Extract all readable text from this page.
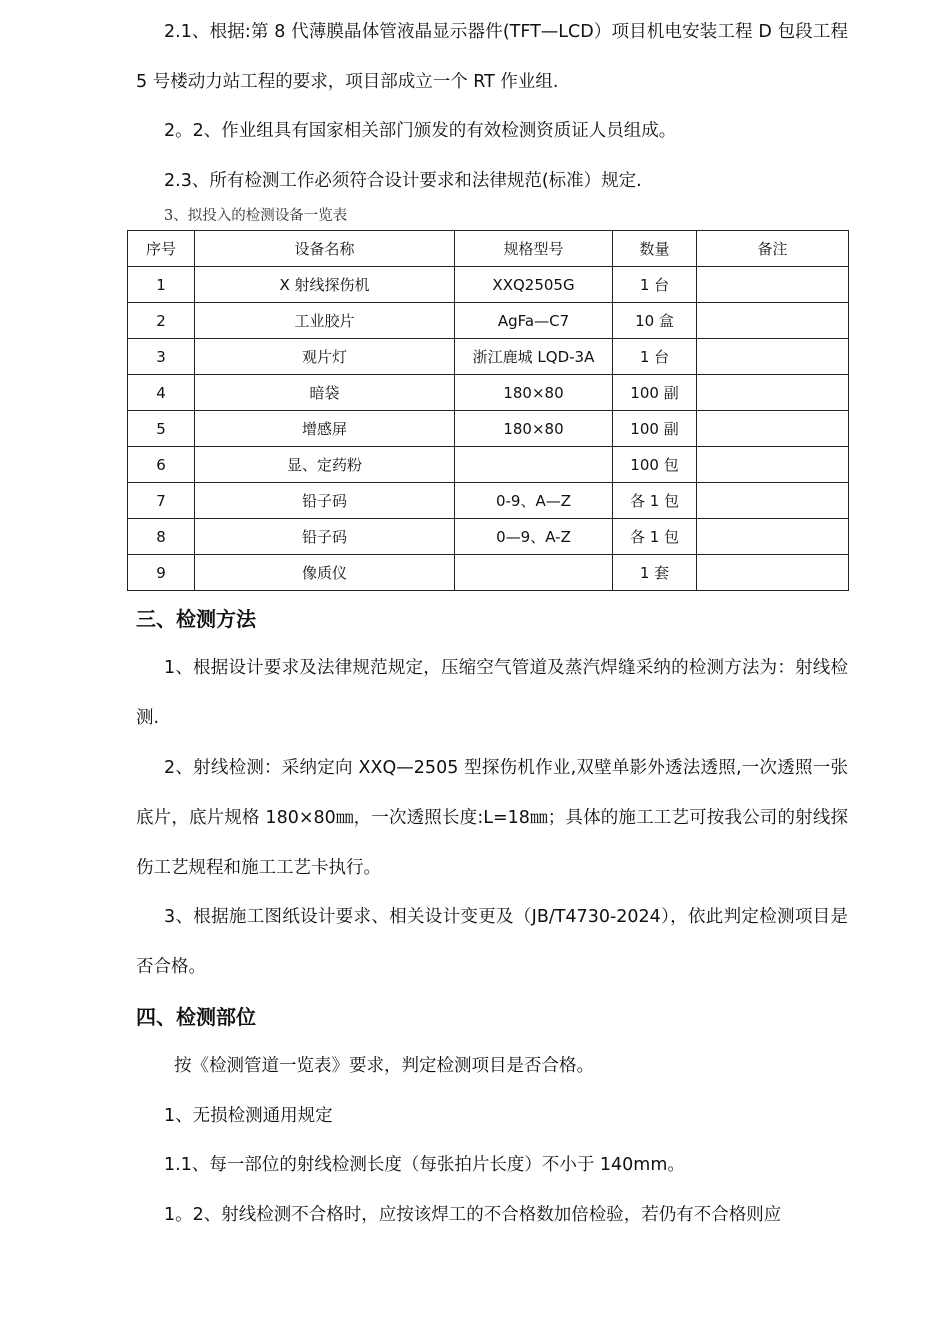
2.1、根据:第 8 代薄膜晶体管液晶显示器件(TFT—LCD）项目机电安装工程 D 包段工程 5 号楼动力站工程的要求，项目部成立一个 RT 作业组.

2。2、作业组具有国家相关部门颁发的有效检测资质证人员组成。

2.3、所有检测工作必须符合设计要求和法律规范(标准）规定.

3、拟投入的检测设备一览表
序号	设备名称	规格型号	数量	备注
1	X 射线探伤机	XXQ2505G	1 台	
2	工业胶片	AgFa—C7	10 盒	
3	观片灯	浙江鹿城 LQD-3A	1 台	
4	暗袋	180×80	100 副	
5	增感屏	180×80	100 副	
6	显、定药粉		100 包	
7	铅子码	0-9、A—Z	各 1 包	
8	铅子码	0—9、A-Z	各 1 包	
9	像质仪		1 套	
三、检测方法

1、根据设计要求及法律规范规定，压缩空气管道及蒸汽焊缝采纳的检测方法为：射线检测.

2、射线检测：采纳定向 XXQ—2505 型探伤机作业,双壁单影外透法透照,一次透照一张底片，底片规格 180×80㎜，一次透照长度:L=18㎜；具体的施工工艺可按我公司的射线探伤工艺规程和施工工艺卡执行。

3、根据施工图纸设计要求、相关设计变更及（JB/T4730-2024），依此判定检测项目是否合格。

四、检测部位

按《检测管道一览表》要求，判定检测项目是否合格。

1、无损检测通用规定

1.1、每一部位的射线检测长度（每张拍片长度）不小于 140mm。

1。2、射线检测不合格时，应按该焊工的不合格数加倍检验，若仍有不合格则应
